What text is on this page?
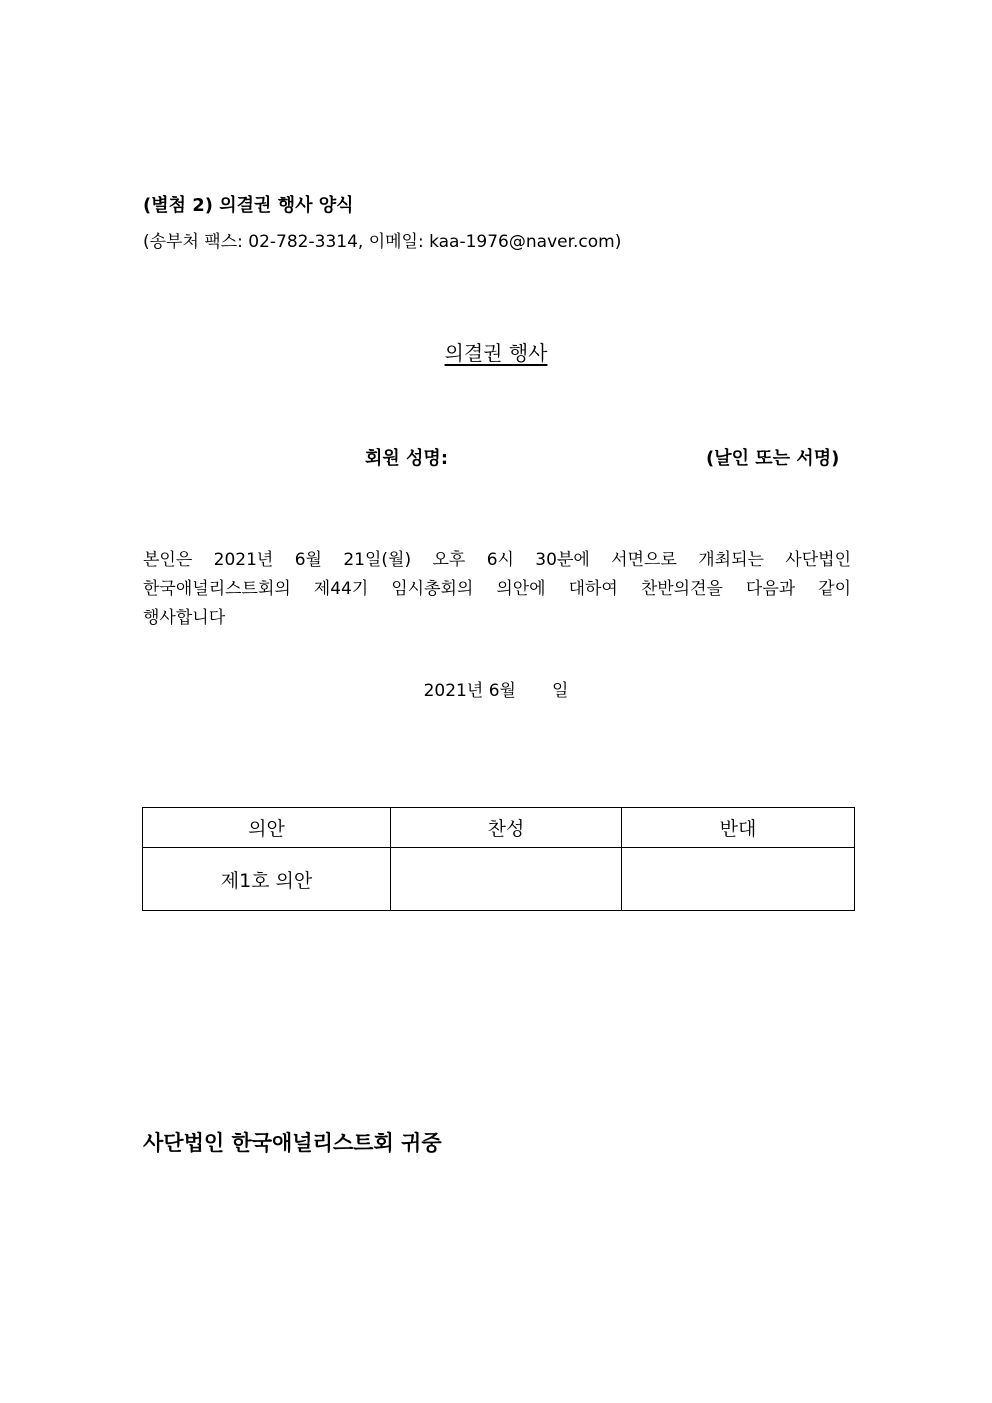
(별첨 2) 의결권 행사 양식
(송부처 팩스: 02-782-3314, 이메일: kaa-1976@naver.com)
의결권 행사
회원 성명:	(날인 또는 서명)
본인은 2021년 6월 21일(월) 오후 6시 30분에 서면으로 개최되는 사단법인
한국애널리스트회의 제44기 임시총회의 의안에 대하여 찬반의견을 다음과 같이
행사합니다
2021년 6월 일
의안	찬성	반대
제1호 의안		
사단법인 한국애널리스트회 귀중
